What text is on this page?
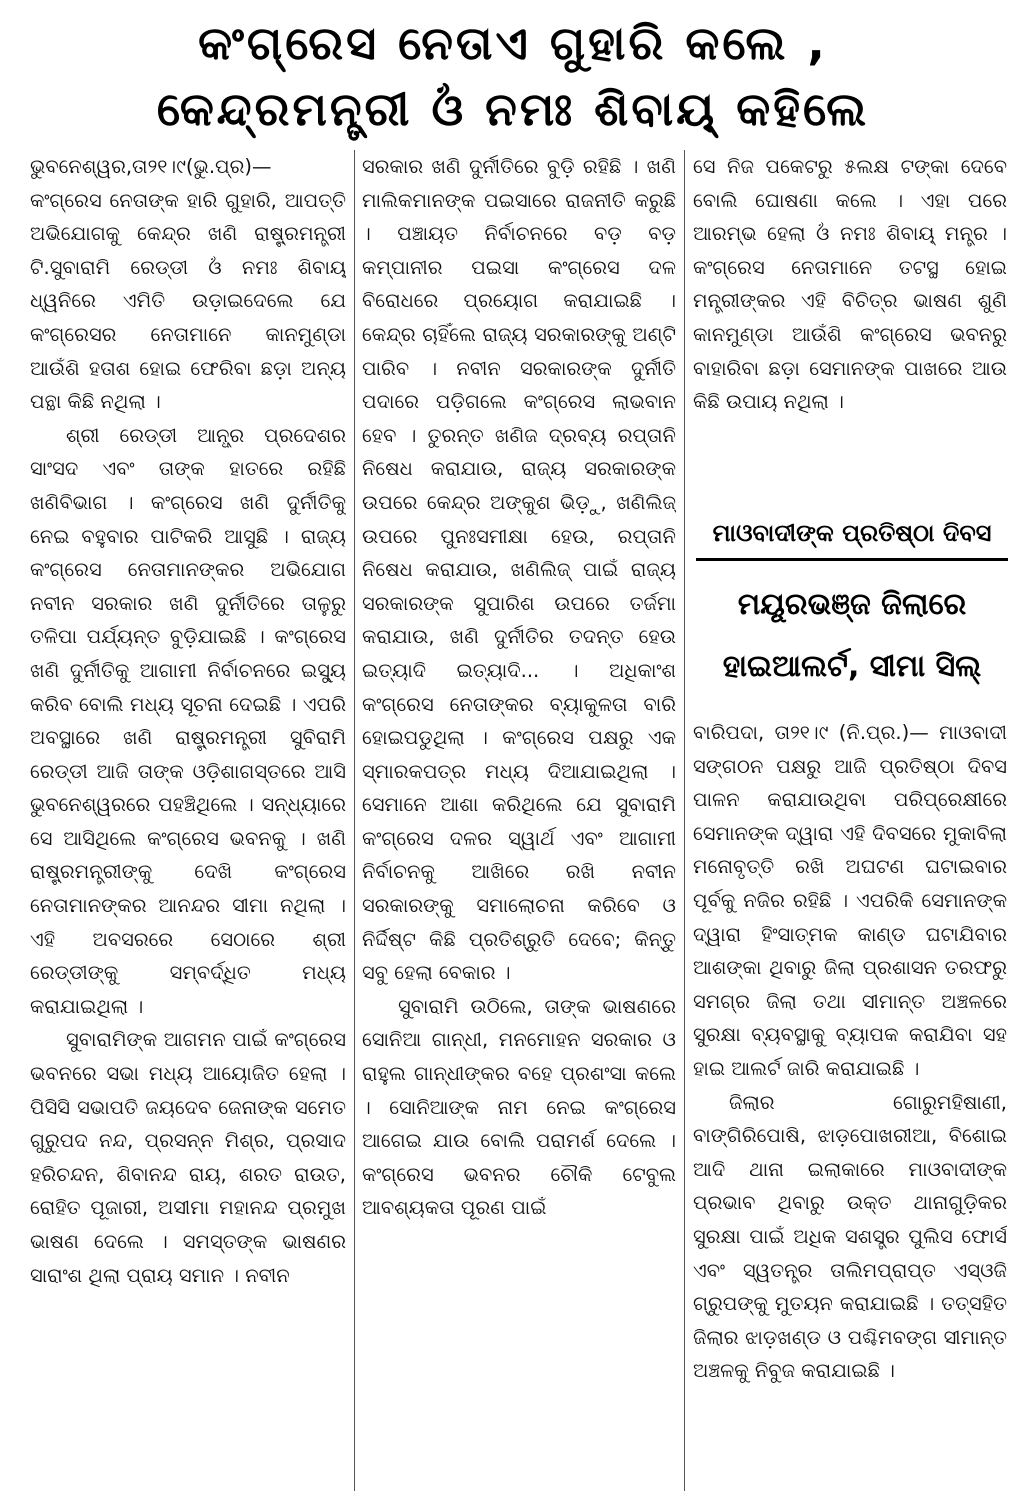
କଂଗ୍ରେସ ନେତାଏ ଗୁହାରି କଲେ ,
କେନ୍ଦ୍ରମନ୍ତ୍ରୀ ଓଁ ନମଃ ଶିବାୟ୍ କହିଲେ

ଭୁବନେଶ୍ୱର,ତା୨୧।୯(ଭୁ.ପ୍ର)— କଂଗ୍ରେସ ନେତାଙ୍କ ହାରି ଗୁହାରି, ଆପତ୍ତି ଅଭିଯୋଗକୁ କେନ୍ଦ୍ର ଖଣି ରାଷ୍ଟ୍ରମନ୍ତ୍ରୀ ଟି.ସୁବାରାମି ରେଡ୍ଡୀ ଓଁ ନମଃ ଶିବାୟ୍ ଧ୍ୱନିରେ ଏମିତି ଉଡ଼ାଇଦେଲେ ଯେ କଂଗ୍ରେସର ନେତାମାନେ କାନମୁଣ୍ଡା ଆଉଁଶି ହତାଶ ହୋଇ ଫେରିବା ଛଡ଼ା ଅନ୍ୟ ପନ୍ଥା କିଛି ନଥିଲା ।

ଶ୍ରୀ ରେଡ୍ଡୀ ଆନ୍ଧ୍ର ପ୍ରଦେଶର ସାଂସଦ ଏବଂ ତାଙ୍କ ହାତରେ ରହିଛି ଖଣିବିଭାଗ । କଂଗ୍ରେସ ଖଣି ଦୁର୍ନୀତିକୁ ନେଇ ବହୁବାର ପାଟିକରି ଆସୁଛି । ରାଜ୍ୟ କଂଗ୍ରେସ ନେତାମାନଙ୍କର ଅଭିଯୋଗ ନବୀନ ସରକାର ଖଣି ଦୁର୍ନୀତିରେ ତାଳୁରୁ ତଳିପା ପର୍ଯ୍ୟନ୍ତ ବୁଡ଼ିଯାଇଛି । କଂଗ୍ରେସ ଖଣି ଦୁର୍ନୀତିକୁ ଆଗାମୀ ନିର୍ବାଚନରେ ଇସ୍ୟୁ କରିବ ବୋଲି ମଧ୍ୟ ସୂଚନା ଦେଇଛି । ଏପରି ଅବସ୍ଥାରେ ଖଣି ରାଷ୍ଟ୍ରମନ୍ତ୍ରୀ ସୁବିରାମି ରେଡ୍ଡୀ ଆଜି ତାଙ୍କ ଓଡ଼ିଶାଗସ୍ତରେ ଆସି ଭୁବନେଶ୍ୱରରେ ପହଞ୍ଚିଥିଲେ । ସନ୍ଧ୍ୟାରେ ସେ ଆସିଥିଲେ କଂଗ୍ରେସ ଭବନକୁ । ଖଣି ରାଷ୍ଟ୍ରମନ୍ତ୍ରୀଙ୍କୁ ଦେଖି କଂଗ୍ରେସ ନେତାମାନଙ୍କର ଆନନ୍ଦର ସୀମା ନଥିଲା । ଏହି ଅବସରରେ ସେଠାରେ ଶ୍ରୀ ରେଡ୍ଡୀଙ୍କୁ ସମ୍ବର୍ଦ୍ଧିତ ମଧ୍ୟ କରାଯାଇଥିଲା ।

ସୁବାରାମିଙ୍କ ଆଗମନ ପାଇଁ କଂଗ୍ରେସ ଭବନରେ ସଭା ମଧ୍ୟ ଆୟୋଜିତ ହେଲା । ପିସିସି ସଭାପତି ଜୟଦେବ ଜେନାଙ୍କ ସମେତ ଗୁରୁପଦ ନନ୍ଦ, ପ୍ରସନ୍ନ ମିଶ୍ର, ପ୍ରସାଦ ହରିଚନ୍ଦନ, ଶିବାନନ୍ଦ ରାୟ, ଶରତ ରାଉତ, ରୋହିତ ପୂଜାରୀ, ଅସୀମା ମହାନନ୍ଦ ପ୍ରମୁଖ ଭାଷଣ ଦେଲେ । ସମସ୍ତଙ୍କ ଭାଷଣର ସାରାଂଶ ଥିଲା ପ୍ରାୟ ସମାନ । ନବୀନ

ସରକାର ଖଣି ଦୁର୍ନୀତିରେ ବୁଡ଼ି ରହିଛି । ଖଣି ମାଲିକମାନଙ୍କ ପଇସାରେ ରାଜନୀତି କରୁଛି । ପଞ୍ଚାୟତ ନିର୍ବାଚନରେ ବଡ଼ ବଡ଼ କମ୍ପାନୀର ପଇସା କଂଗ୍ରେସ ଦଳ ବିରୋଧରେ ପ୍ରୟୋଗ କରାଯାଇଛି । କେନ୍ଦ୍ର ଚାହିଁଲେ ରାଜ୍ୟ ସରକାରଙ୍କୁ ଅଣ୍ଟି ପାରିବ । ନବୀନ ସରକାରଙ୍କ ଦୁର୍ନୀତି ପଦାରେ ପଡ଼ିଗଲେ କଂଗ୍ରେସ ଲାଭବାନ ହେବ । ତୁରନ୍ତ ଖଣିଜ ଦ୍ରବ୍ୟ ରପ୍ତାନି ନିଷେଧ କରାଯାଉ, ରାଜ୍ୟ ସରକାରଙ୍କ ଉପରେ କେନ୍ଦ୍ର ଅଙ୍କୁଶ ଭିଡ଼ୁ, ଖଣିଲିଜ୍ ଉପରେ ପୁନଃସମୀକ୍ଷା ହେଉ, ରପ୍ତାନି ନିଷେଧ କରାଯାଉ, ଖଣିଲିଜ୍ ପାଇଁ ରାଜ୍ୟ ସରକାରଙ୍କ ସୁପାରିଶ ଉପରେ ତର୍ଜମା କରାଯାଉ, ଖଣି ଦୁର୍ନୀତିର ତଦନ୍ତ ହେଉ ଇତ୍ୟାଦି ଇତ୍ୟାଦି... । ଅଧିକାଂଶ କଂଗ୍ରେସ ନେତାଙ୍କର ବ୍ୟାକୁଳତା ବାରି ହୋଇପଡୁଥିଲା । କଂଗ୍ରେସ ପକ୍ଷରୁ ଏକ ସ୍ମାରକପତ୍ର ମଧ୍ୟ ଦିଆଯାଇଥିଲା । ସେମାନେ ଆଶା କରିଥିଲେ ଯେ ସୁବାରାମି କଂଗ୍ରେସ ଦଳର ସ୍ୱାର୍ଥ ଏବଂ ଆଗାମୀ ନିର୍ବାଚନକୁ ଆଖିରେ ରଖି ନବୀନ ସରକାରଙ୍କୁ ସମାଲୋଚନା କରିବେ ଓ ନିର୍ଦ୍ଦିଷ୍ଟ କିଛି ପ୍ରତିଶ୍ରୁତି ଦେବେ; କିନ୍ତୁ ସବୁ ହେଲା ବେକାର ।

ସୁବାରାମି ଉଠିଲେ, ତାଙ୍କ ଭାଷଣରେ ସୋନିଆ ଗାନ୍ଧୀ, ମନମୋହନ ସରକାର ଓ ରାହୁଲ ଗାନ୍ଧୀଙ୍କର ବହେ ପ୍ରଶଂସା କଲେ । ସୋନିଆଙ୍କ ନାମ ନେଇ କଂଗ୍ରେସ ଆଗେଇ ଯାଉ ବୋଲି ପରାମର୍ଶ ଦେଲେ । କଂଗ୍ରେସ ଭବନର ଚୌକି ଟେବୁଲ ଆବଶ୍ୟକତା ପୂରଣ ପାଇଁ

ସେ ନିଜ ପକେଟରୁ ୫ଲକ୍ଷ ଟଙ୍କା ଦେବେ ବୋଲି ଘୋଷଣା କଲେ । ଏହା ପରେ ଆରମ୍ଭ ହେଲା ଓଁ ନମଃ ଶିବାୟ୍ ମନ୍ତ୍ର । କଂଗ୍ରେସ ନେତାମାନେ ତଟସ୍ଥ ହୋଇ ମନ୍ତ୍ରୀଙ୍କର ଏହି ବିଚିତ୍ର ଭାଷଣ ଶୁଣି କାନମୁଣ୍ଡା ଆଉଁଶି କଂଗ୍ରେସ ଭବନରୁ ବାହାରିବା ଛଡ଼ା ସେମାନଙ୍କ ପାଖରେ ଆଉ କିଛି ଉପାୟ ନଥିଲା ।

ମାଓବାଦୀଙ୍କ ପ୍ରତିଷ୍ଠା ଦିବସ
ମୟୂରଭଞ୍ଜ ଜିଲାରେ
ହାଇଆଲର୍ଟ, ସୀମା ସିଲ୍

ବାରିପଦା, ତା୨୧।୯ (ନି.ପ୍ର.)— ମାଓବାଦୀ ସଙ୍ଗଠନ ପକ୍ଷରୁ ଆଜି ପ୍ରତିଷ୍ଠା ଦିବସ ପାଳନ କରାଯାଉଥିବା ପରିପ୍ରେକ୍ଷୀରେ ସେମାନଙ୍କ ଦ୍ୱାରା ଏହି ଦିବସରେ ମୁକାବିଲା ମନୋବୃତ୍ତି ରଖି ଅଘଟଣ ଘଟାଇବାର ପୂର୍ବକୁ ନଜିର ରହିଛି । ଏପରିକି ସେମାନଙ୍କ ଦ୍ୱାରା ହିଂସାତ୍ମକ କାଣ୍ଡ ଘଟାଯିବାର ଆଶଙ୍କା ଥିବାରୁ ଜିଲା ପ୍ରଶାସନ ତରଫରୁ ସମଗ୍ର ଜିଲା ତଥା ସୀମାନ୍ତ ଅଞ୍ଚଳରେ ସୁରକ୍ଷା ବ୍ୟବସ୍ଥାକୁ ବ୍ୟାପକ କରାଯିବା ସହ ହାଇ ଆଲର୍ଟ ଜାରି କରାଯାଇଛି ।

ଜିଲାର ଗୋରୁମହିଷାଣୀ, ବାଙ୍ଗିରିପୋଷି, ଝାଡ଼ପୋଖରୀଆ, ବିଶୋଇ ଆଦି ଥାନା ଇଲାକାରେ ମାଓବାଦୀଙ୍କ ପ୍ରଭାବ ଥିବାରୁ ଉକ୍ତ ଥାନାଗୁଡ଼ିକର ସୁରକ୍ଷା ପାଇଁ ଅଧିକ ସଶସ୍ତ୍ର ପୁଲିସ ଫୋର୍ସ ଏବଂ ସ୍ୱତନ୍ତ୍ର ତାଲିମପ୍ରାପ୍ତ ଏସ୍‌ଓଜି ଗ୍ରୁପଙ୍କୁ ମୁତୟନ କରାଯାଇଛି । ତତ୍‌ସହିତ ଜିଲାର ଝାଡ଼ଖଣ୍ଡ ଓ ପଶ୍ଚିମବଙ୍ଗ ସୀମାନ୍ତ ଅଞ୍ଚଳକୁ ନିବୁଜ କରାଯାଇଛି ।
